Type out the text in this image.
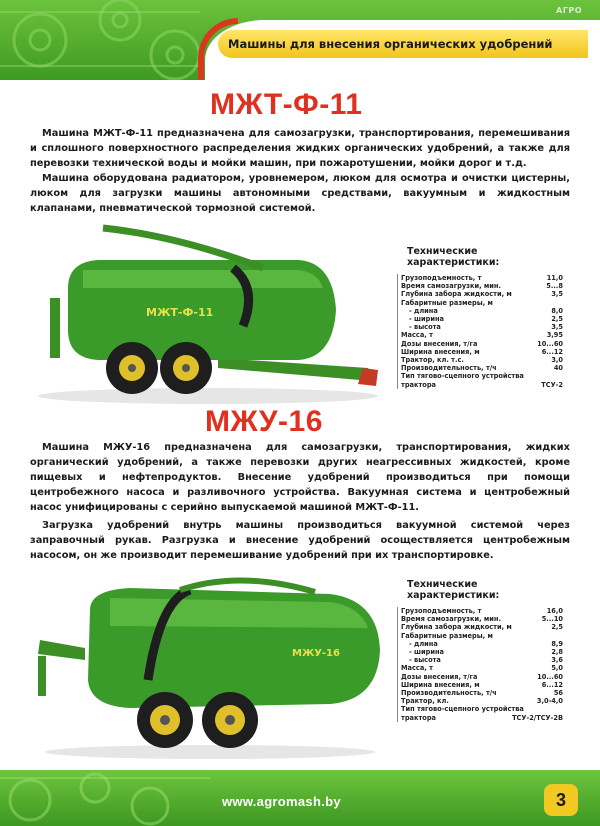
Машины для внесения органических удобрений
AГРО
МЖТ-Ф-11

Машина МЖТ-Ф-11 предназначена для самозагрузки, транспортирования, перемешивания и сплошного поверхностного распределения жидких органических удобрений, а также для перевозки технической воды и мойки машин, при пожаротушении, мойки дорог и т.д.

Машина оборудована радиатором, уровнемером, люком для осмотра и очистки цистерны, люком для загрузки машины автономными средствами, вакуумным и жидкостным клапанами, пневматической тормозной системой.

МЖТ-Ф-11
Технические характеристики:
Грузоподъемность, т	11,0
Время самозагрузки, мин.	5...8
Глубина забора жидкости, м	3,5
Габаритные размеры, м
- длина	8,0
- ширина	2,5
- высота	3,5
Масса, т	3,95
Дозы внесения, т/га	10...60
Ширина внесения, м	6...12
Трактор, кл. т.с.	3,0
Производительность, т/ч	40
Тип тягово-сцепного устройства
трактора	ТСУ-2
МЖУ-16

Машина МЖУ-16 предназначена для самозагрузки, транспортирования, жидких органический удобрений, а также перевозки других неагрессивных жидкостей, кроме пищевых и нефтепродуктов. Внесение удобрений производиться при помощи центробежного насоса и разливочного устройства. Вакуумная система и центробежный насос унифицированы с серийно выпускаемой машиной МЖТ-Ф-11.

Загрузка удобрений внутрь машины производиться вакуумной системой через заправочный рукав. Разгрузка и внесение удобрений осоществляется центробежным насосом, он же производит перемешивание удобрений при их транспортировке.

МЖУ-16
Технические характеристики:
Грузоподъемность, т	16,0
Время самозагрузки, мин.	5...10
Глубина забора жидкости, м	2,5
Габаритные размеры, м
- длина	8,9
- ширина	2,8
- высота	3,6
Масса, т	5,0
Дозы внесения, т/га	10...60
Ширина внесения, м	6...12
Производительность, т/ч	56
Трактор, кл.	3,0-4,0
Тип тягово-сцепного устройства
трактора	ТСУ-2/ТСУ-2В
www.agromash.by	3
